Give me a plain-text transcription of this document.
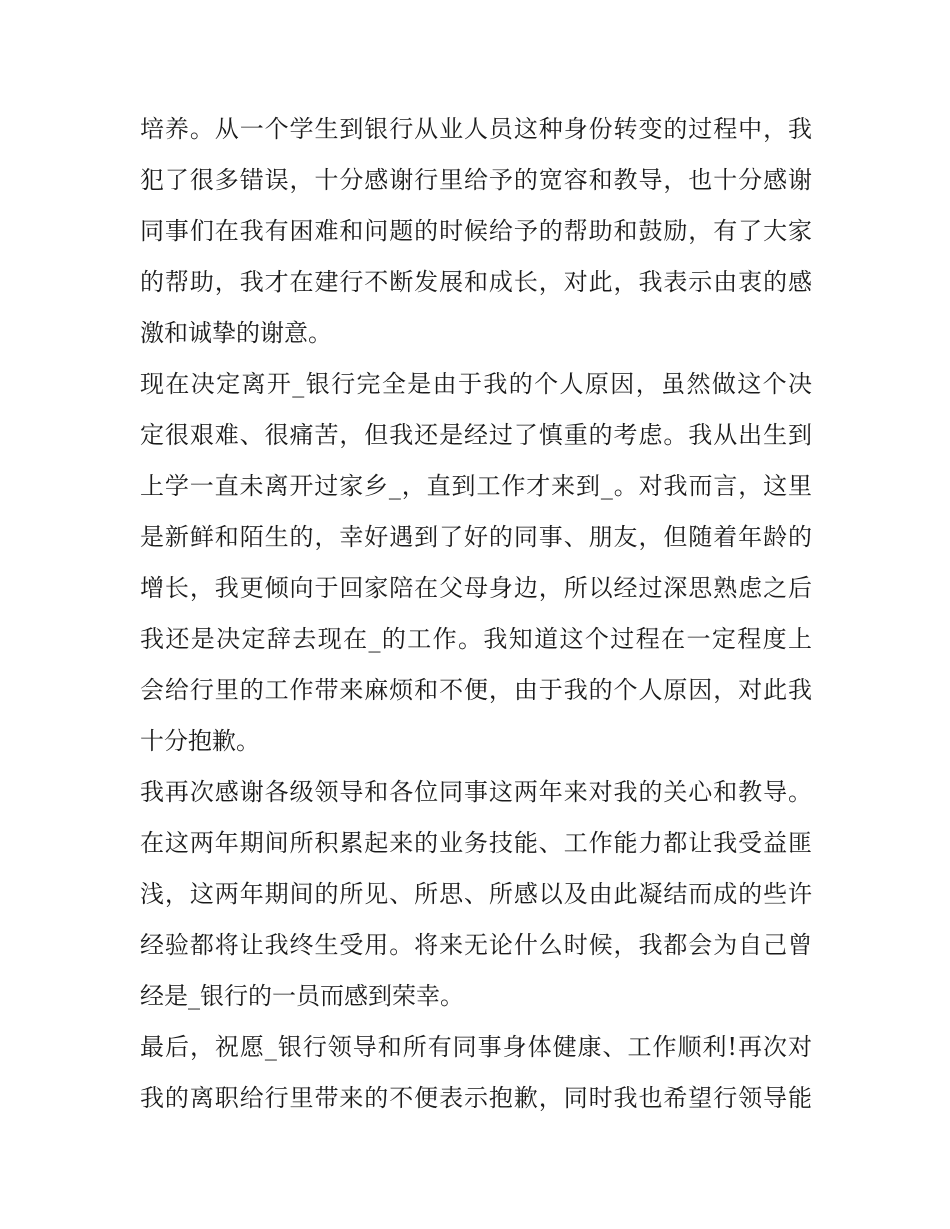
培养。从一个学生到银行从业人员这种身份转变的过程中，我
犯了很多错误，十分感谢行里给予的宽容和教导，也十分感谢
同事们在我有困难和问题的时候给予的帮助和鼓励，有了大家
的帮助，我才在建行不断发展和成长，对此，我表示由衷的感
激和诚挚的谢意。
现在决定离开_银行完全是由于我的个人原因，虽然做这个决
定很艰难、很痛苦，但我还是经过了慎重的考虑。我从出生到
上学一直未离开过家乡_，直到工作才来到_。对我而言，这里
是新鲜和陌生的，幸好遇到了好的同事、朋友，但随着年龄的
增长，我更倾向于回家陪在父母身边，所以经过深思熟虑之后
我还是决定辞去现在_的工作。我知道这个过程在一定程度上
会给行里的工作带来麻烦和不便，由于我的个人原因，对此我
十分抱歉。
我再次感谢各级领导和各位同事这两年来对我的关心和教导。
在这两年期间所积累起来的业务技能、工作能力都让我受益匪
浅，这两年期间的所见、所思、所感以及由此凝结而成的些许
经验都将让我终生受用。将来无论什么时候，我都会为自己曾
经是_银行的一员而感到荣幸。
最后，祝愿_银行领导和所有同事身体健康、工作顺利!再次对
我的离职给行里带来的不便表示抱歉，同时我也希望行领导能
